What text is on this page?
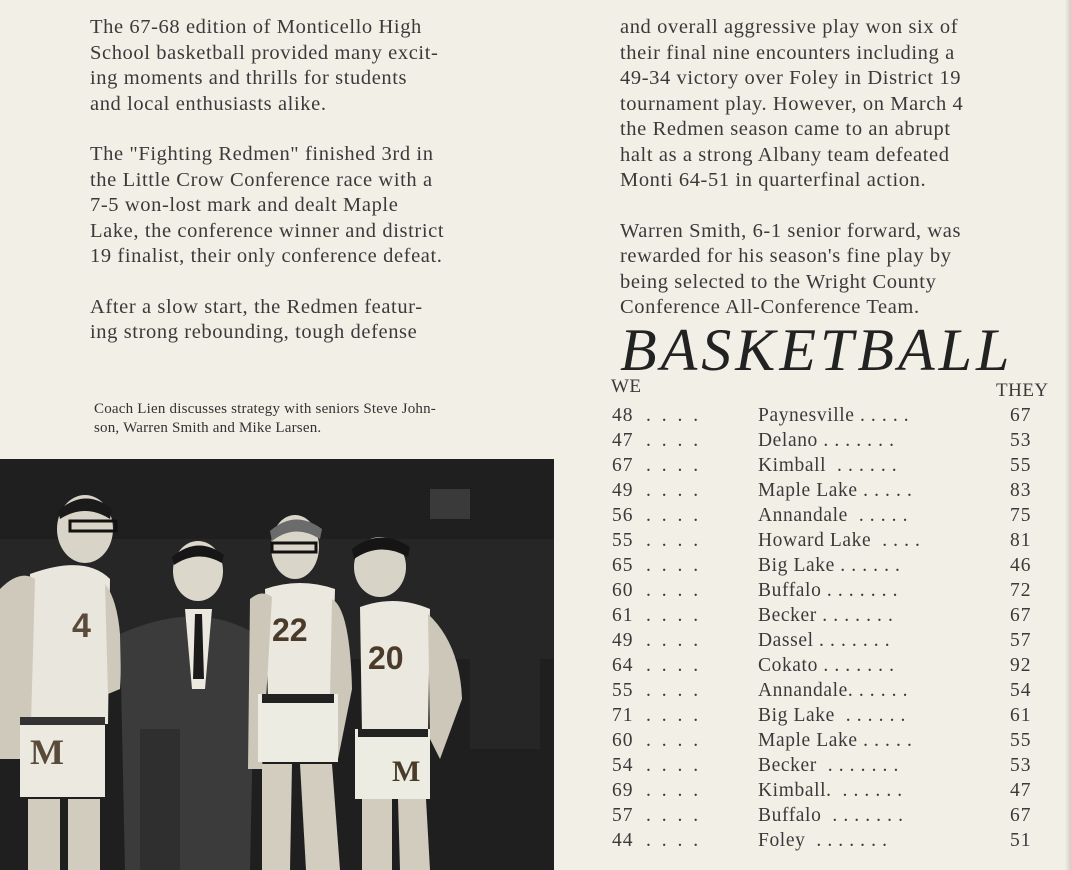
The 67-68 edition of Monticello High
School basketball provided many excit-
ing moments and thrills for students
and local enthusiasts alike.

The "Fighting Redmen" finished 3rd in
the Little Crow Conference race with a
7-5 won-lost mark and dealt Maple
Lake, the conference winner and district
19 finalist, their only conference defeat.

After a slow start, the Redmen featur-
ing strong rebounding, tough defense

and overall aggressive play won six of
their final nine encounters including a
49-34 victory over Foley in District 19
tournament play. However, on March 4
the Redmen season came to an abrupt
halt as a strong Albany team defeated
Monti 64-51 in quarterfinal action.

Warren Smith, 6-1 senior forward, was
rewarded for his season's fine play by
being selected to the Wright County
Conference All-Conference Team.

Coach Lien discusses strategy with seniors Steve John-
son, Warren Smith and Mike Larsen.
4
M
22
20
M
BASKETBALL
WE	THEY
48 . . . .	Paynesville . . . . .	67
47 . . . .	Delano . . . . . . .	53
67 . . . .	Kimball  . . . . . .	55
49 . . . .	Maple Lake . . . . .	83
56 . . . .	Annandale  . . . . .	75
55 . . . .	Howard Lake  . . . .	81
65 . . . .	Big Lake . . . . . .	46
60 . . . .	Buffalo . . . . . . .	72
61 . . . .	Becker . . . . . . .	67
49 . . . .	Dassel . . . . . . .	57
64 . . . .	Cokato . . . . . . .	92
55 . . . .	Annandale. . . . . .	54
71 . . . .	Big Lake  . . . . . .	61
60 . . . .	Maple Lake . . . . .	55
54 . . . .	Becker  . . . . . . .	53
69 . . . .	Kimball.  . . . . . .	47
57 . . . .	Buffalo  . . . . . . .	67
44 . . . .	Foley  . . . . . . .	51
